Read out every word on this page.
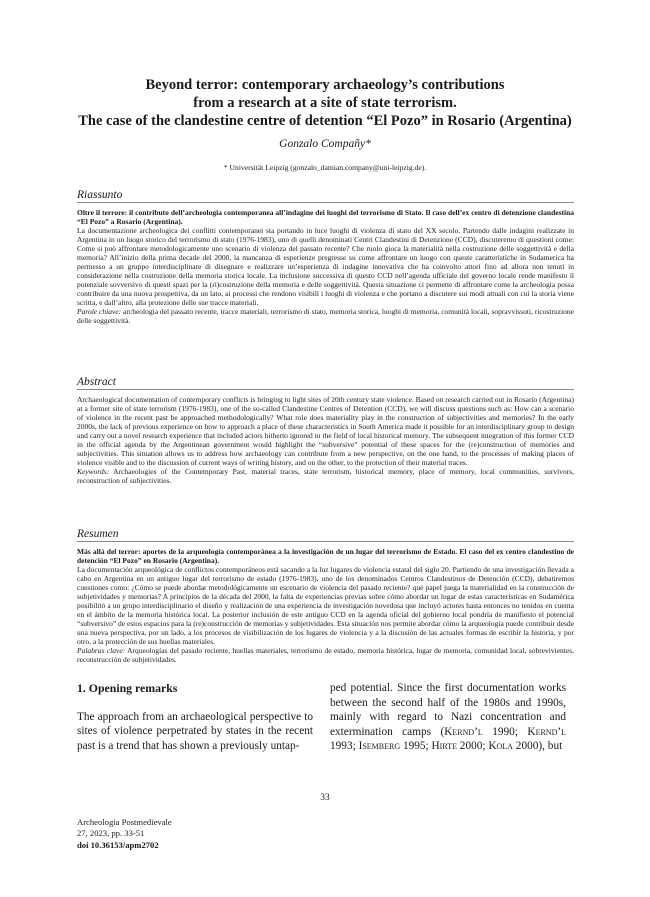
Beyond terror: contemporary archaeology’s contributions
from a research at a site of state terrorism.
The case of the clandestine centre of detention “El Pozo” in Rosario (Argentina)
Gonzalo Compañy*
* Universität Leipzig (gonzalo_damian.company@uni-leipzig.de).
Riassunto

Oltre il terrore: il contributo dell’archeologia contemporanea all’indagine dei luoghi del terrorismo di Stato. Il caso dell’ex centro di detenzione clandestina “El Pozo” a Rosario (Argentina).

La documentazione archeologica dei conflitti contemporanei sta portando in luce luoghi di violenza di stato del XX secolo. Partendo dalle indagini realizzate in Argentina in un luogo storico del terrorismo di stato (1976-1983), uno di quelli denominati Centri Clandestini di Detenzione (CCD), discuteremo di questioni come: Come si può affrontare metodologicamente uno scenario di violenza del passato recente? Che ruolo gioca la materialità nella costruzione delle soggettività e della memoria? All’inizio della prima decade del 2000, la mancanza di esperienze pregresse su come affrontare un luogo con queste caratteristiche in Sudamerica ha permesso a un gruppo interdisciplinare di disegnare e realizzare un’esperienza di indagine innovativa che ha coinvolto attori fino ad allora non tenuti in considerazione nella costruzione della memoria storica locale. La inclusione successiva di questo CCD nell’agenda ufficiale del governo locale rende manifesto il potenziale sovversivo di questi spazi per la (ri)costruzione della memoria e delle soggettività. Questa situazione ci permette di affrontare come la archeologia possa contribuire da una nuova prospettiva, da un lato, ai processi che rendono visibili i luoghi di violenza e che portano a discutere sui modi attuali con cui la storia viene scritta, e dall’altro, alla protezione delle sue tracce materiali.

Parole chiave: archeologia del passato recente, tracce materiali, terrorismo di stato, memoria storica, luoghi di memoria, comunità locali, sopravvissuti, ricostruzione delle soggettività.

Abstract

Archaeological documentation of contemporary conflicts is bringing to light sites of 20th century state violence. Based on research carried out in Rosario (Argentina) at a former site of state terrorism (1976-1983), one of the so-called Clandestine Centres of Detention (CCD), we will discuss questions such as: How can a scenario of violence in the recent past be approached methodologically? What role does materiality play in the construction of subjectivities and memories? In the early 2000s, the lack of previous experience on how to approach a place of these characteristics in South America made it possible for an interdisciplinary group to design and carry out a novel research experience that included actors hitherto ignored in the field of local historical memory. The subsequent integration of this former CCD in the official agenda by the Argentinean government would highlight the “subversive” potential of these spaces for the (re)construction of memories and subjectivities. This situation allows us to address how archaeology can contribute from a new perspective, on the one hand, to the processes of making places of violence visible and to the discussion of current ways of writing history, and on the other, to the protection of their material traces.

Keywords: Archaeologies of the Contemporary Past, material traces, state terrorism, historical memory, place of memory, local communities, survivors, reconstruction of subjectivities.

Resumen

Más allá del terror: aportes de la arqueología contemporánea a la investigación de un lugar del terrorismo de Estado. El caso del ex centro clandestino de detención “El Pozo” en Rosario (Argentina).

La documentación arqueológica de conflictos contemporáneos está sacando a la luz lugares de violencia estatal del siglo 20. Partiendo de una investigación llevada a cabo en Argentina en un antiguo lugar del terrorismo de estado (1976-1983), uno de los denominados Centros Clandestinos de Detención (CCD), debatiremos cuestiones como: ¿Cómo se puede abordar metodológicamente un escenario de violencia del pasado reciente? qué papel juega la materialidad en la construcción de subjetividades y memorias? A principios de la década del 2000, la falta de experiencias previas sobre cómo abordar un lugar de estas características en Sudamérica posibilitó a un grupo interdisciplinario el diseño y realización de una experiencia de investigación novedosa que incluyó actores hasta entonces no tenidos en cuenta en el ámbito de la memoria histórica local. La posterior inclusión de este antiguo CCD en la agenda oficial del gobierno local pondría de manifiesto el potencial “subversivo” de estos espacios para la (re)construcción de memorias y subjetividades. Esta situación nos permite abordar cómo la arqueología puede contribuir desde una nueva perspectiva, por un lado, a los procesos de visibilización de los lugares de violencia y a la discusión de las actuales formas de escribir la historia, y por otro, a la protección de sus huellas materiales.

Palabras clave: Arqueologías del pasado reciente, huellas materiales, terrorismo de estado, memoria histórica, lugar de memoria, comunidad local, sobrevivientes, reconstrucción de subjetividades.

1. Opening remarks

The approach from an archaeological perspective to sites of violence perpetrated by states in the recent past is a trend that has shown a previously untap-

ped potential. Since the first documentation works between the second half of the 1980s and 1990s, mainly with regard to Nazi concentration and extermination camps (Kernd’l 1990; Kernd’l 1993; Isemberg 1995; Hirte 2000; Kola 2000), but

33
Archeologia Postmedievale
27, 2023, pp. 33-51
doi 10.36153/apm2702
